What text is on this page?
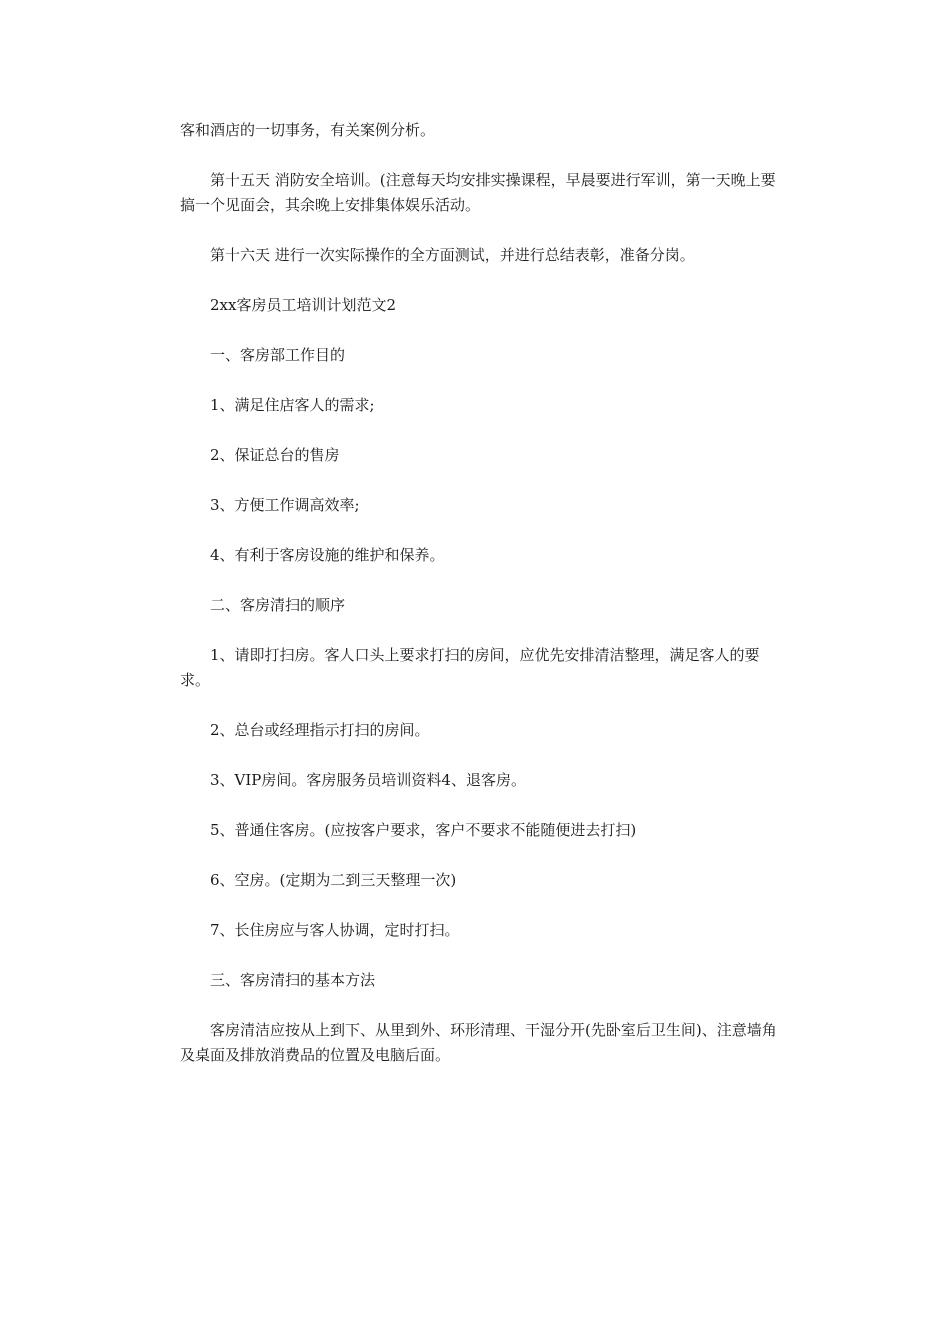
客和酒店的一切事务，有关案例分析。

第十五天 消防安全培训。(注意每天均安排实操课程，早晨要进行军训，第一天晚上要搞一个见面会，其余晚上安排集体娱乐活动。

第十六天 进行一次实际操作的全方面测试，并进行总结表彰，准备分岗。

2xx客房员工培训计划范文2

一、客房部工作目的

1、满足住店客人的需求;

2、保证总台的售房

3、方便工作调高效率;

4、有利于客房设施的维护和保养。

二、客房清扫的顺序

1、请即打扫房。客人口头上要求打扫的房间，应优先安排清洁整理，满足客人的要求。

2、总台或经理指示打扫的房间。

3、VIP房间。客房服务员培训资料4、退客房。

5、普通住客房。(应按客户要求，客户不要求不能随便进去打扫)

6、空房。(定期为二到三天整理一次)

7、长住房应与客人协调，定时打扫。

三、客房清扫的基本方法

客房清洁应按从上到下、从里到外、环形清理、干湿分开(先卧室后卫生间)、注意墙角及桌面及排放消费品的位置及电脑后面。
